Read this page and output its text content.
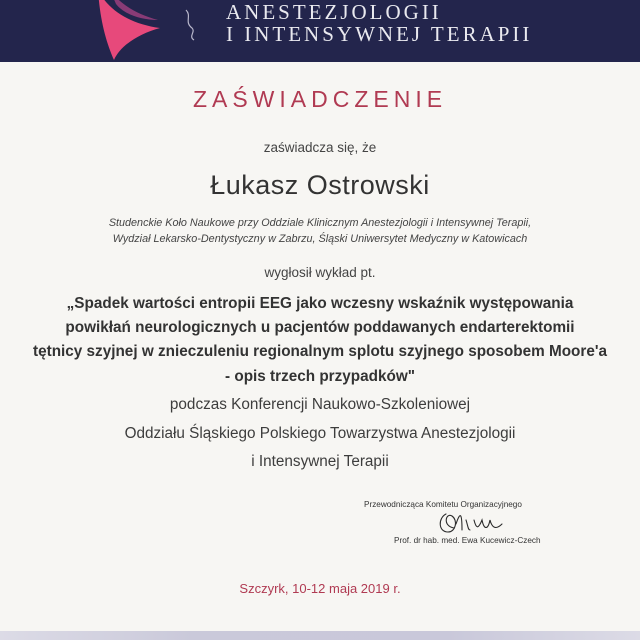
ANESTEZJOLOGII
I INTENSYWNEJ TERAPII
ZAŚWIADCZENIE
zaświadcza się, że
Łukasz Ostrowski
Studenckie Koło Naukowe przy Oddziale Klinicznym Anestezjologii i Intensywnej Terapii,
Wydział Lekarsko-Dentystyczny w Zabrzu, Śląski Uniwersytet Medyczny w Katowicach
wygłosił wykład pt.
„Spadek wartości entropii EEG jako wczesny wskaźnik występowania
powikłań neurologicznych u pacjentów poddawanych endarterektomii
tętnicy szyjnej w znieczuleniu regionalnym splotu szyjnego sposobem Moore'a
- opis trzech przypadków"
podczas Konferencji Naukowo-Szkoleniowej
Oddziału Śląskiego Polskiego Towarzystwa Anestezjologii
i Intensywnej Terapii
Przewodnicząca Komitetu Organizacyjnego
Prof. dr hab. med. Ewa Kucewicz-Czech
Szczyrk, 10-12 maja 2019 r.
